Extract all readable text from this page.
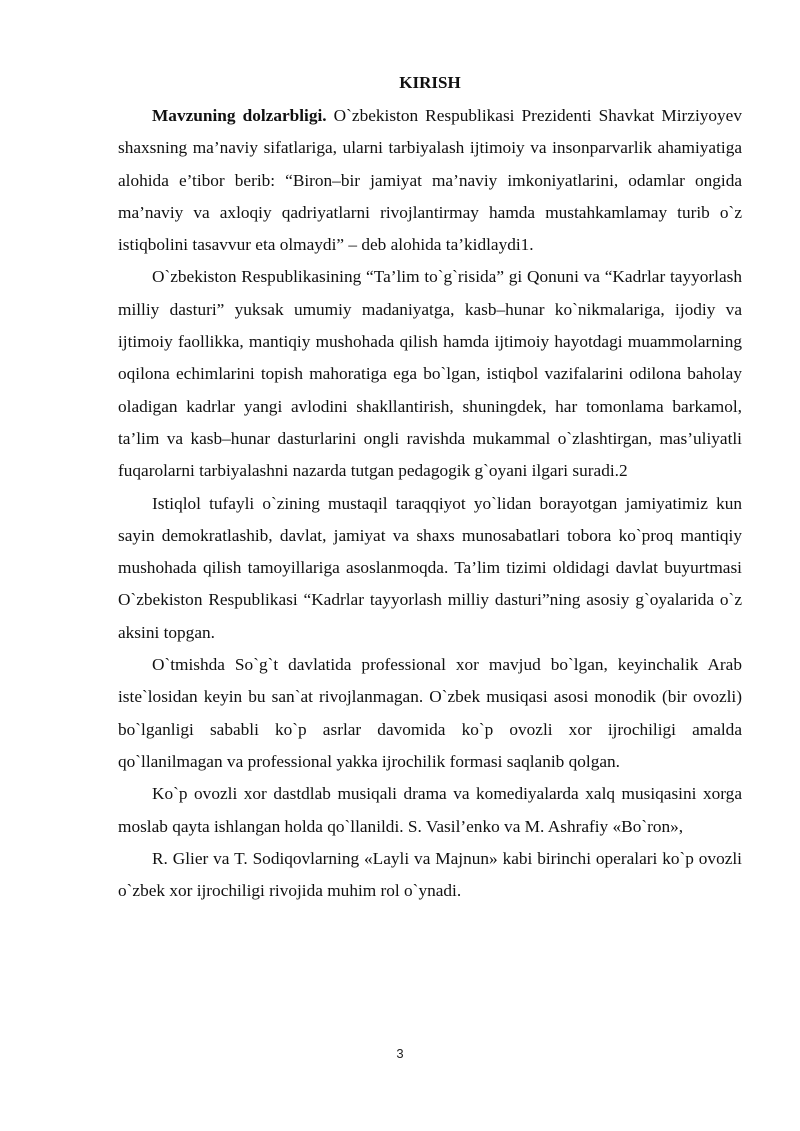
KIRISH

Mavzuning dolzarbligi. O`zbekiston Respublikasi Prezidenti Shavkat Mirziyoyev shaxsning ma’naviy sifatlariga, ularni tarbiyalash ijtimoiy va insonparvarlik ahamiyatiga alohida e’tibor berib: “Biron–bir jamiyat ma’naviy imkoniyatlarini, odamlar ongida ma’naviy va axloqiy qadriyatlarni rivojlantirmay hamda mustahkamlamay turib o`z istiqbolini tasavvur eta olmaydi” – deb alohida ta’kidlaydi1.

O`zbekiston Respublikasining “Ta’lim to`g`risida” gi Qonuni va “Kadrlar tayyorlash milliy dasturi” yuksak umumiy madaniyatga, kasb–hunar ko`nikmalariga, ijodiy va ijtimoiy faollikka, mantiqiy mushohada qilish hamda ijtimoiy hayotdagi muammolarning oqilona echimlarini topish mahoratiga ega bo`lgan, istiqbol vazifalarini odilona baholay oladigan kadrlar yangi avlodini shakllantirish, shuningdek, har tomonlama barkamol, ta’lim va kasb–hunar dasturlarini ongli ravishda mukammal o`zlashtirgan, mas’uliyatli fuqarolarni tarbiyalashni nazarda tutgan pedagogik g`oyani ilgari suradi.2

Istiqlol tufayli o`zining mustaqil taraqqiyot yo`lidan borayotgan jamiyatimiz kun sayin demokratlashib, davlat, jamiyat va shaxs munosabatlari tobora ko`proq mantiqiy mushohada qilish tamoyillariga asoslanmoqda. Ta’lim tizimi oldidagi davlat buyurtmasi O`zbekiston Respublikasi “Kadrlar tayyorlash milliy dasturi”ning asosiy g`oyalarida o`z aksini topgan.

O`tmishda So`g`t davlatida professional xor mavjud bo`lgan, keyinchalik Arab iste`losidan keyin bu san`at rivojlanmagan. O`zbek musiqasi asosi monodik (bir ovozli) bo`lganligi sababli ko`p asrlar davomida ko`p ovozli xor ijrochiligi amalda qo`llanilmagan va professional yakka ijrochilik formasi saqlanib qolgan.

Ko`p ovozli xor dastdlab musiqali drama va komediyalarda xalq musiqasini xorga moslab qayta ishlangan holda qo`llanildi. S. Vasil’enko va M. Ashrafiy «Bo`ron»,

R. Glier va T. Sodiqovlarning «Layli va Majnun» kabi birinchi operalari ko`p ovozli o`zbek xor ijrochiligi rivojida muhim rol o`ynadi.

3
